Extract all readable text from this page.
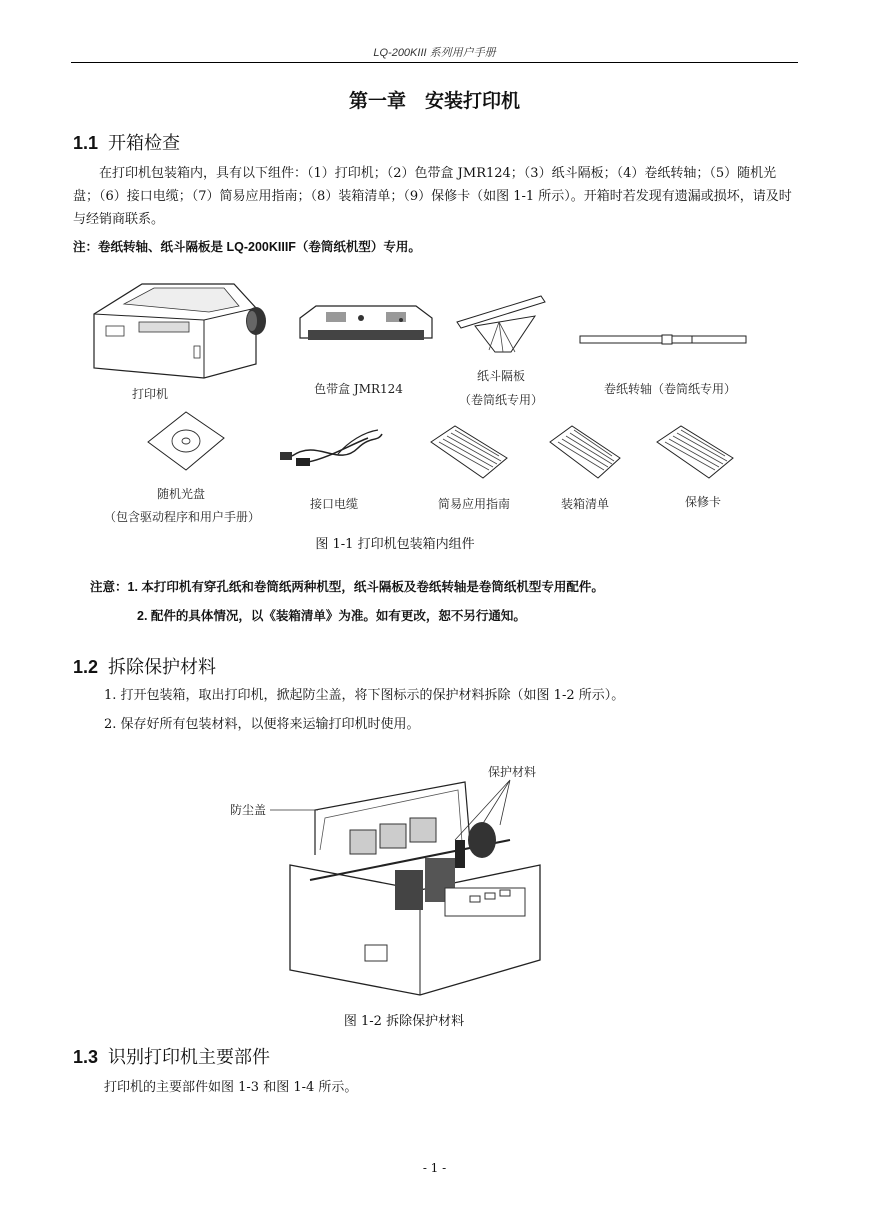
LQ-200KIII 系列用户手册
第一章　安装打印机
1.1 开箱检查
在打印机包装箱内，具有以下组件：（1）打印机；（2）色带盒 JMR124；（3）纸斗隔板；（4）卷纸转轴；（5）随机光盘；（6）接口电缆；（7）简易应用指南；（8）装箱清单；（9）保修卡（如图 1-1 所示）。开箱时若发现有遗漏或损坏，请及时与经销商联系。
注：卷纸转轴、纸斗隔板是 LQ-200KIIIF（卷筒纸机型）专用。
打印机	色带盒 JMR124
纸斗隔板
（卷筒纸专用）
卷纸转轴（卷筒纸专用）
随机光盘
（包含驱动程序和用户手册）
接口电缆	简易应用指南	装箱清单	保修卡
图 1-1 打印机包装箱内组件
注意：1. 本打印机有穿孔纸和卷筒纸两种机型，纸斗隔板及卷纸转轴是卷筒纸机型专用配件。
2. 配件的具体情况，以《装箱清单》为准。如有更改，恕不另行通知。
1.2 拆除保护材料
1. 打开包装箱，取出打印机，掀起防尘盖，将下图标示的保护材料拆除（如图 1-2 所示）。
2. 保存好所有包装材料，以便将来运输打印机时使用。
保护材料
防尘盖
图 1-2 拆除保护材料
1.3 识别打印机主要部件
打印机的主要部件如图 1-3 和图 1-4 所示。
- 1 -
